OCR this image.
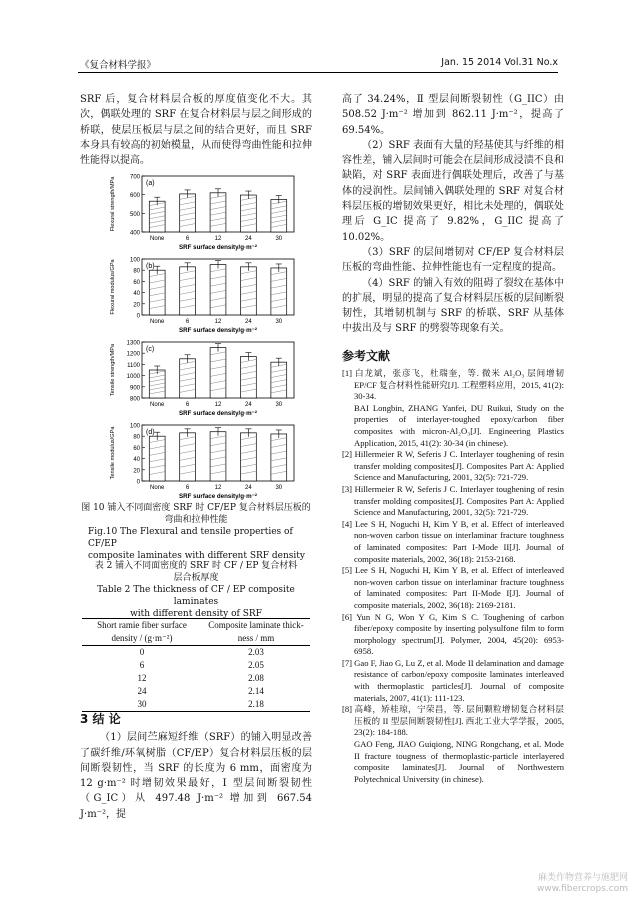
《复合材料学报》	Jan. 15 2014 Vol.31 No.x

SRF 后，复合材料层合板的厚度值变化不大。其次，偶联处理的 SRF 在复合材料层与层之间形成的桥联，使层压板层与层之间的结合更好，而且 SRF 本身具有较高的初始模量，从而使得弯曲性能和拉伸性能得以提高。

400
500
600
700
Flexural strength/MPa	(a)
None	6	12	24	30
SRF surface density/g·m⁻²
0
20
40
60
80
100
Flexural modulus/GPa	(b)
None	6	12	24	30
SRF surface density/g·m⁻²
800
900
1000
1100
1200
1300
Tensile strength/MPa	(c)
None	6	12	24	30
SRF surface density/g·m⁻²
0
20
40
60
80
100
Tensile modulus/GPa	(d)
None	6	12	24	30
SRF surface density/g·m⁻²
图 10 铺入不同面密度 SRF 时 CF/EP 复合材料层压板的
弯曲和拉伸性能
Fig.10 The Flexural and tensile properties of CF/EP
composite laminates with different SRF density
表 2 铺入不同面密度的 SRF 时 CF / EP 复合材料
层合板厚度
Table 2 The thickness of CF / EP composite laminates
with different density of SRF
Short ramie fiber surface	Composite laminate thick-
density / (g·m⁻²)	ness / mm
0	2.03
6	2.05
12	2.08
24	2.14
30	2.18
3 结 论

（1）层间苎麻短纤维（SRF）的铺入明显改善了碳纤维/环氧树脂（CF/EP）复合材料层压板的层间断裂韧性，当 SRF 的长度为 6 mm，面密度为 12 g·m⁻² 时增韧效果最好，Ⅰ 型层间断裂韧性（G_IC）从 497.48 J·m⁻² 增加到 667.54 J·m⁻²，提

高了 34.24%，Ⅱ 型层间断裂韧性（G_IIC）由 508.52 J·m⁻² 增加到 862.11 J·m⁻²，提高了 69.54%。

（2）SRF 表面有大量的羟基使其与纤维的相容性差，铺入层间时可能会在层间形成浸渍不良和缺陷，对 SRF 表面进行偶联处理后，改善了与基体的浸润性。层间铺入偶联处理的 SRF 对复合材料层压板的增韧效果更好，相比未处理的，偶联处理后 G_IC 提高了 9.82%，G_IIC 提高了 10.02%。

（3）SRF 的层间增韧对 CF/EP 复合材料层压板的弯曲性能、拉伸性能也有一定程度的提高。

（4）SRF 的铺入有效的阻碍了裂纹在基体中的扩展，明显的提高了复合材料层压板的层间断裂韧性，其增韧机制与 SRF 的桥联、SRF 从基体中拔出及与 SRF 的劈裂等现象有关。

参考文献

[1] 白龙斌，张彦飞，杜瑞奎，等. 微米 Al₂O₃ 层间增韧 EP/CF 复合材料性能研究[J]. 工程塑料应用，2015, 41(2): 30-34.

BAI Longbin, ZHANG Yanfei, DU Ruikui, Study on the properties of interlayer-toughed epoxy/carbon fiber composites with micron-Al₂O₃[J]. Engineering Plastics Application, 2015, 41(2): 30-34 (in chinese).

[2] Hillermeier R W, Seferis J C. Interlayer toughening of resin transfer molding composites[J]. Composites Part A: Applied Science and Manufacturing, 2001, 32(5): 721-729.

[3] Hillermeier R W, Seferis J C. Interlayer toughening of resin transfer molding composites[J]. Composites Part A: Applied Science and Manufacturing, 2001, 32(5): 721-729.

[4] Lee S H, Noguchi H, Kim Y B, et al. Effect of interleaved non-woven carbon tissue on interlaminar fracture toughness of laminated composites: Part I-Mode II[J]. Journal of composite materials, 2002, 36(18): 2153-2168.

[5] Lee S H, Noguchi H, Kim Y B, et al. Effect of interleaved non-woven carbon tissue on interlaminar fracture toughness of laminated composites: Part II-Mode I[J]. Journal of composite materials, 2002, 36(18): 2169-2181.

[6] Yun N G, Won Y G, Kim S C. Toughening of carbon fiber/epoxy composite by inserting polysulfone film to form morphology spectrum[J]. Polymer, 2004, 45(20): 6953-6958.

[7] Gao F, Jiao G, Lu Z, et al. Mode II delamination and damage resistance of carbon/epoxy composite laminates interleaved with thermoplastic particles[J]. Journal of composite materials, 2007, 41(1): 111-123.

[8] 高峰，矫桂琼，宁荣昌，等. 层间颗粒增韧复合材料层压板的 II 型层间断裂韧性[J]. 西北工业大学学报，2005, 23(2): 184-188.

GAO Feng, JIAO Guiqiong, NING Rongchang, et al. Mode II fracture tougness of thermoplastic-particle interlayered composite laminates[J]. Journal of Northwestern Polytechnical University (in chinese).

麻类作物营养与施肥网
www.fibercrops.com
